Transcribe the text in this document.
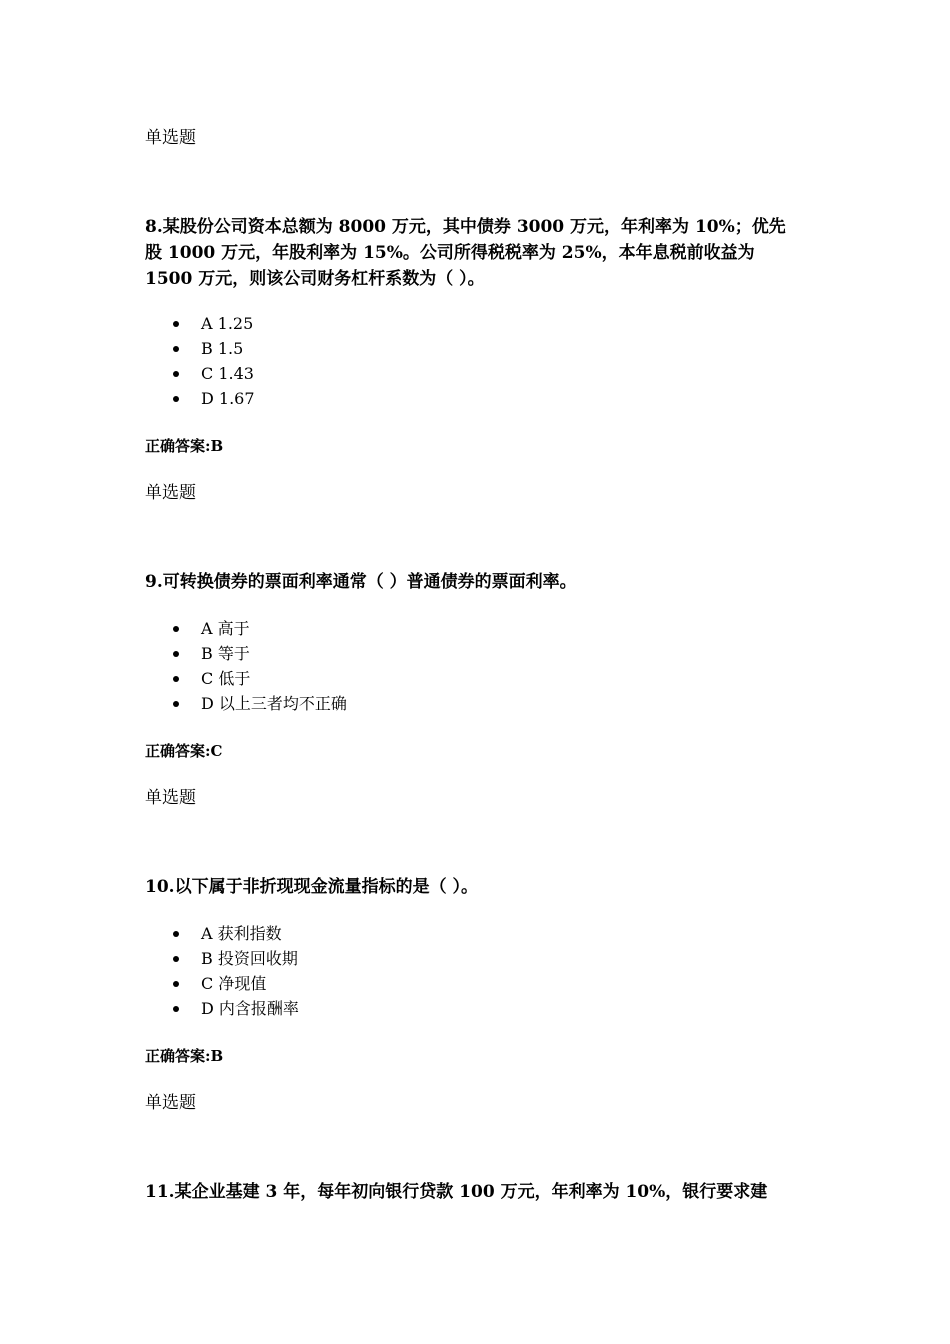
单选题
8.某股份公司资本总额为 8000 万元，其中债券 3000 万元，年利率为 10%；优先
股 1000 万元，年股利率为 15%。公司所得税税率为 25%，本年息税前收益为
1500 万元，则该公司财务杠杆系数为（ ）。
A 1.25
B 1.5
C 1.43
D 1.67
正确答案:B
单选题
9.可转换债券的票面利率通常（ ）普通债券的票面利率。
A 高于
B 等于
C 低于
D 以上三者均不正确
正确答案:C
单选题
10.以下属于非折现现金流量指标的是（ ）。
A 获利指数
B 投资回收期
C 净现值
D 内含报酬率
正确答案:B
单选题
11.某企业基建 3 年，每年初向银行贷款 100 万元，年利率为 10%，银行要求建
